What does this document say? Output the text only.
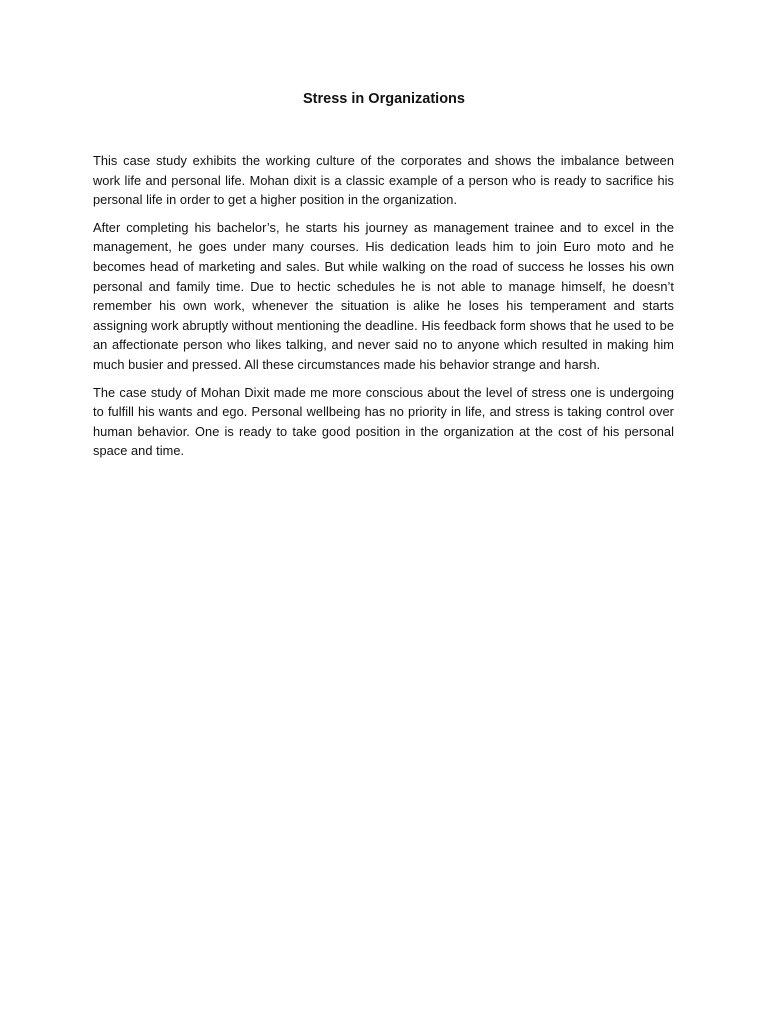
Stress in Organizations

This case study exhibits the working culture of the corporates and shows the imbalance between work life and personal life. Mohan dixit is a classic example of a person who is ready to sacrifice his personal life in order to get a higher position in the organization.

After completing his bachelor’s, he starts his journey as management trainee and to excel in the management, he goes under many courses. His dedication leads him to join Euro moto and he becomes head of marketing and sales. But while walking on the road of success he losses his own personal and family time. Due to hectic schedules he is not able to manage himself, he doesn’t remember his own work, whenever the situation is alike he loses his temperament and starts assigning work abruptly without mentioning the deadline. His feedback form shows that he used to be an affectionate person who likes talking, and never said no to anyone which resulted in making him much busier and pressed. All these circumstances made his behavior strange and harsh.

The case study of Mohan Dixit made me more conscious about the level of stress one is undergoing to fulfill his wants and ego. Personal wellbeing has no priority in life, and stress is taking control over human behavior. One is ready to take good position in the organization at the cost of his personal space and time.
